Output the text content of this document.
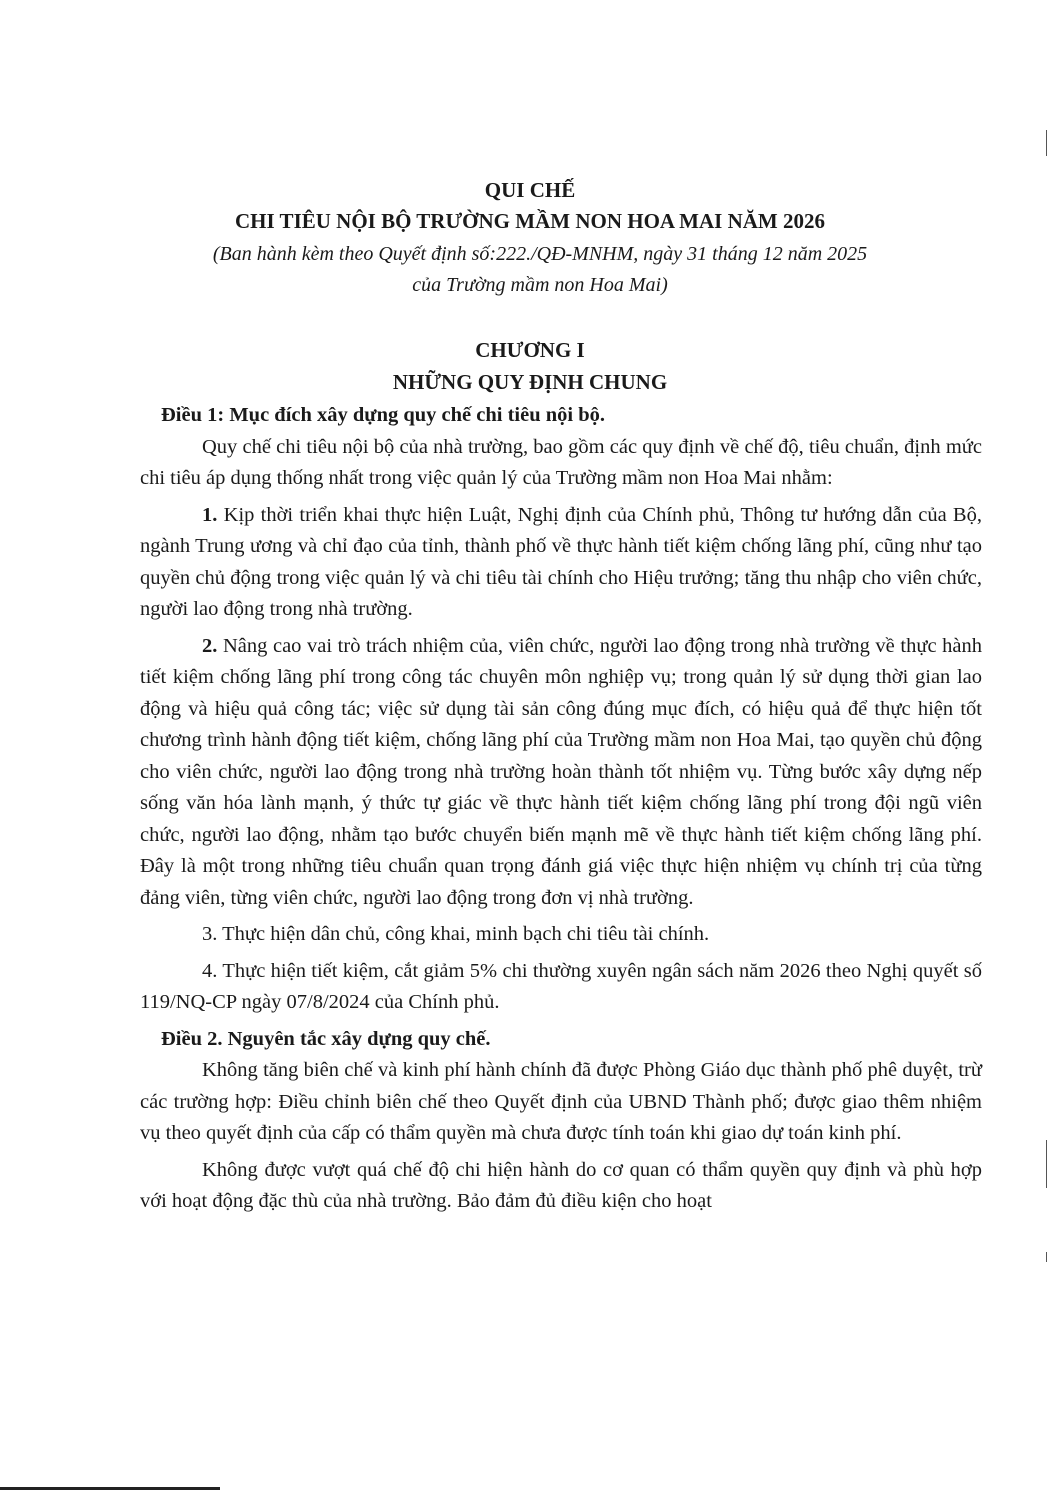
QUI CHẾ
CHI TIÊU NỘI BỘ TRƯỜNG MẦM NON HOA MAI NĂM 2026
(Ban hành kèm theo Quyết định số:222./QĐ-MNHM, ngày 31 tháng 12 năm 2025
của Trường mầm non Hoa Mai)
CHƯƠNG I
NHỮNG QUY ĐỊNH CHUNG

Điều 1: Mục đích xây dựng quy chế chi tiêu nội bộ.

Quy chế chi tiêu nội bộ của nhà trường, bao gồm các quy định về chế độ, tiêu chuẩn, định mức chi tiêu áp dụng thống nhất trong việc quản lý của Trường mầm non Hoa Mai nhằm:

1. Kịp thời triển khai thực hiện Luật, Nghị định của Chính phủ, Thông tư hướng dẫn của Bộ, ngành Trung ương và chỉ đạo của tỉnh, thành phố về thực hành tiết kiệm chống lãng phí, cũng như tạo quyền chủ động trong việc quản lý và chi tiêu tài chính cho Hiệu trưởng; tăng thu nhập cho viên chức, người lao động trong nhà trường.

2. Nâng cao vai trò trách nhiệm của, viên chức, người lao động trong nhà trường về thực hành tiết kiệm chống lãng phí trong công tác chuyên môn nghiệp vụ; trong quản lý sử dụng thời gian lao động và hiệu quả công tác; việc sử dụng tài sản công đúng mục đích, có hiệu quả để thực hiện tốt chương trình hành động tiết kiệm, chống lãng phí của Trường mầm non Hoa Mai, tạo quyền chủ động cho viên chức, người lao động trong nhà trường hoàn thành tốt nhiệm vụ. Từng bước xây dựng nếp sống văn hóa lành mạnh, ý thức tự giác về thực hành tiết kiệm chống lãng phí trong đội ngũ viên chức, người lao động, nhằm tạo bước chuyển biến mạnh mẽ về thực hành tiết kiệm chống lãng phí. Đây là một trong những tiêu chuẩn quan trọng đánh giá việc thực hiện nhiệm vụ chính trị của từng đảng viên, từng viên chức, người lao động trong đơn vị nhà trường.

3. Thực hiện dân chủ, công khai, minh bạch chi tiêu tài chính.

4. Thực hiện tiết kiệm, cắt giảm 5% chi thường xuyên ngân sách năm 2026 theo Nghị quyết số 119/NQ-CP ngày 07/8/2024 của Chính phủ.

Điều 2. Nguyên tắc xây dựng quy chế.

Không tăng biên chế và kinh phí hành chính đã được Phòng Giáo dục thành phố phê duyệt, trừ các trường hợp: Điều chỉnh biên chế theo Quyết định của UBND Thành phố; được giao thêm nhiệm vụ theo quyết định của cấp có thẩm quyền mà chưa được tính toán khi giao dự toán kinh phí.

Không được vượt quá chế độ chi hiện hành do cơ quan có thẩm quyền quy định và phù hợp với hoạt động đặc thù của nhà trường. Bảo đảm đủ điều kiện cho hoạt
